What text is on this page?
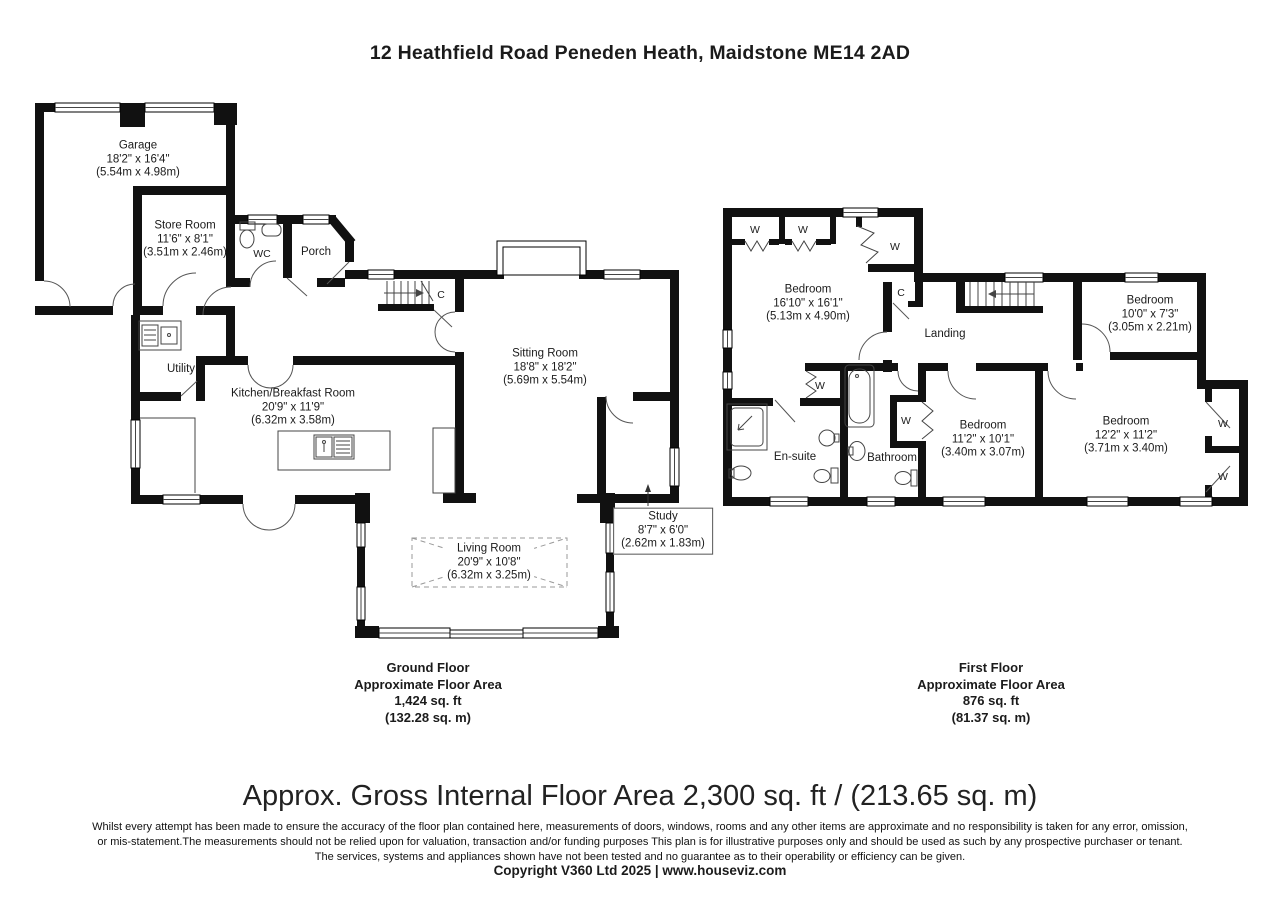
12 Heathfield Road Peneden Heath, Maidstone ME14 2AD
Garage
18'2" x 16'4"
(5.54m x 4.98m)
Store Room
11'6" x 8'1"
(3.51m x 2.46m)	WC	Porch
Utility
C
Kitchen/Breakfast Room
20'9" x 11'9"
(6.32m x 3.58m)
Sitting Room
18'8" x 18'2"
(5.69m x 5.54m)
Study
8'7" x 6'0"
(2.62m x 1.83m)
Living Room
20'9" x 10'8"
(6.32m x 3.25m)
Bedroom
16'10" x 16'1"
(5.13m x 4.90m)
Bedroom
10'0" x 7'3"
(3.05m x 2.21m)
Bedroom
12'2" x 11'2"
(3.71m x 3.40m)
Bedroom
11'2" x 10'1"
(3.40m x 3.07m)
Landing
En-suite	Bathroom
C
W	W
W
W
W	W
W
Ground Floor
Approximate Floor Area
1,424 sq. ft
(132.28 sq. m)
First Floor
Approximate Floor Area
876 sq. ft
(81.37 sq. m)
Approx. Gross Internal Floor Area 2,300 sq. ft / (213.65 sq. m)
Whilst every attempt has been made to ensure the accuracy of the floor plan contained here, measurements of doors, windows, rooms and any other items are approximate and no responsibility is taken for any error, omission,
or mis-statement.The measurements should not be relied upon for valuation, transaction and/or funding purposes This plan is for illustrative purposes only and should be used as such by any prospective purchaser or tenant.
The services, systems and appliances shown have not been tested and no guarantee as to their operability or efficiency can be given.
Copyright V360 Ltd 2025 | www.houseviz.com
